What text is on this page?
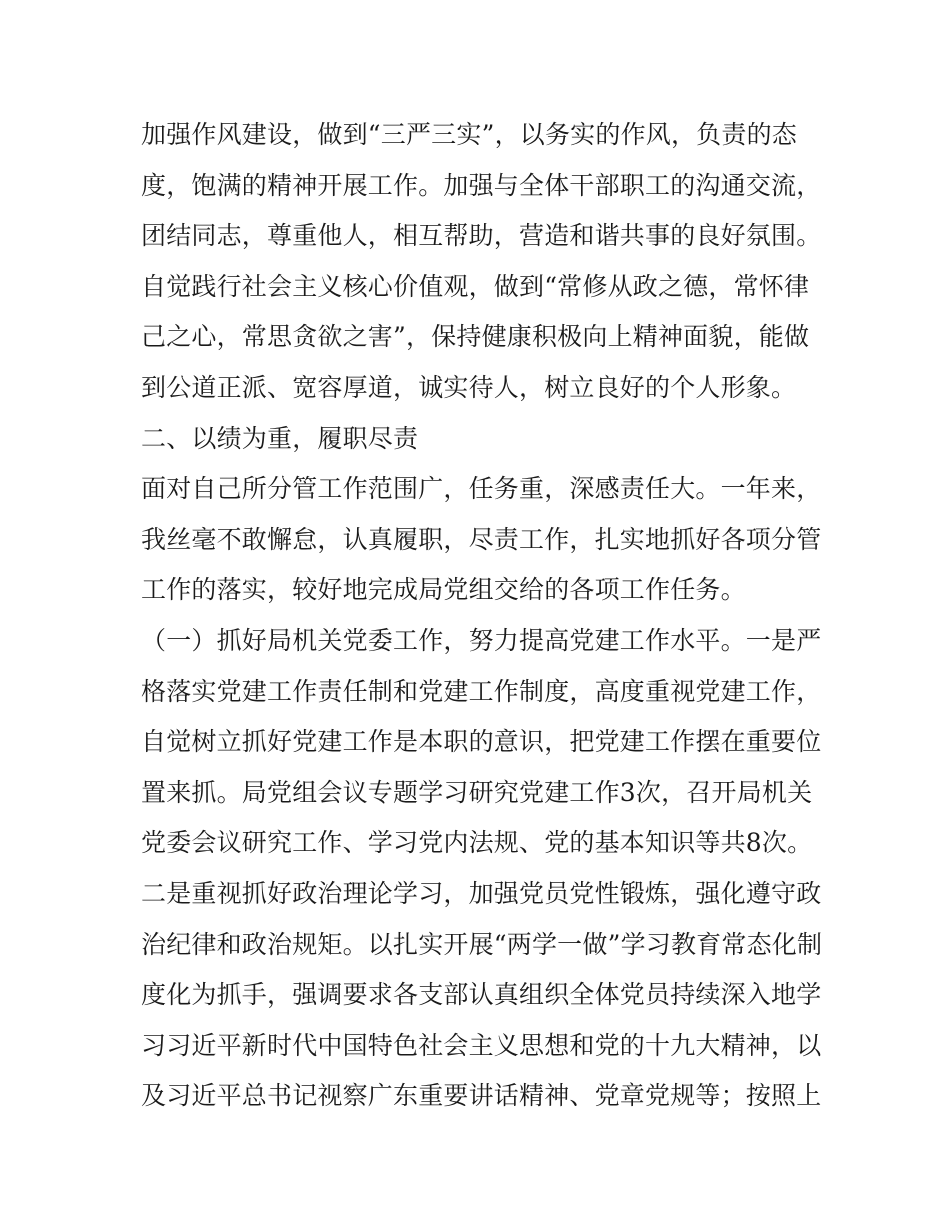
加强作风建设，做到“三严三实”，以务实的作风，负责的态
度，饱满的精神开展工作。加强与全体干部职工的沟通交流，
团结同志，尊重他人，相互帮助，营造和谐共事的良好氛围。
自觉践行社会主义核心价值观，做到“常修从政之德，常怀律
己之心，常思贪欲之害”，保持健康积极向上精神面貌，能做
到公道正派、宽容厚道，诚实待人，树立良好的个人形象。
二、以绩为重，履职尽责
面对自己所分管工作范围广，任务重，深感责任大。一年来，
我丝毫不敢懈怠，认真履职，尽责工作，扎实地抓好各项分管
工作的落实，较好地完成局党组交给的各项工作任务。
（一）抓好局机关党委工作，努力提高党建工作水平。一是严
格落实党建工作责任制和党建工作制度，高度重视党建工作，
自觉树立抓好党建工作是本职的意识，把党建工作摆在重要位
置来抓。局党组会议专题学习研究党建工作3次，召开局机关
党委会议研究工作、学习党内法规、党的基本知识等共8次。
二是重视抓好政治理论学习，加强党员党性锻炼，强化遵守政
治纪律和政治规矩。以扎实开展“两学一做”学习教育常态化制
度化为抓手，强调要求各支部认真组织全体党员持续深入地学
习习近平新时代中国特色社会主义思想和党的十九大精神，以
及习近平总书记视察广东重要讲话精神、党章党规等；按照上
